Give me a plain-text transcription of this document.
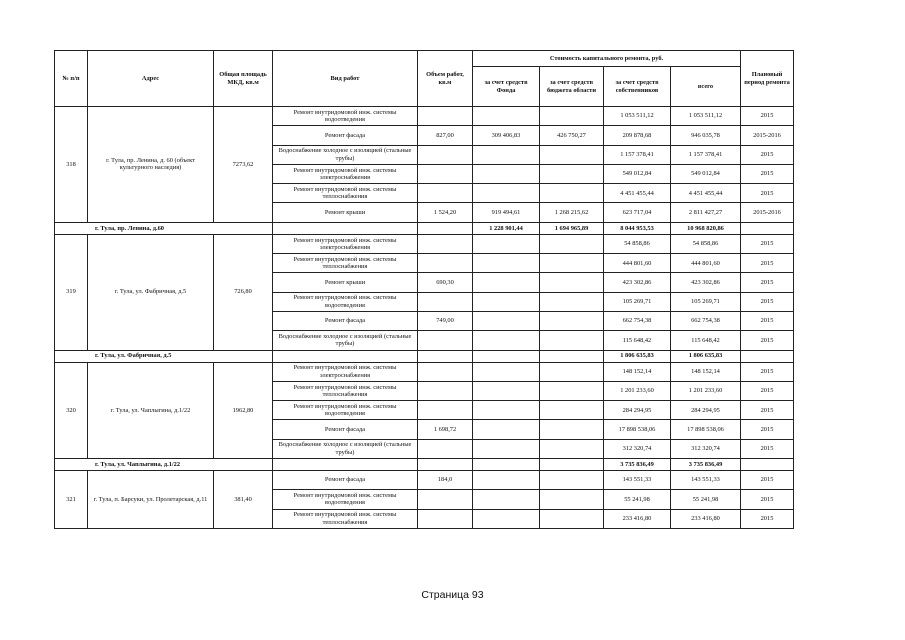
№ п/п	Адрес	Общая площадь МКД, кв.м	Вид работ	Объем работ, кв.м	Стоимость капитального ремонта, руб.				Плановый период ремонта
					за счет средств Фонда	за счет средств бюджета области	за счет средств собственников	всего	
318	г. Тула, пр. Ленина, д. 60 (объект культурного наследия)	7273,62	Ремонт внутридомовой инж. системы водоотведения				1 053 511,12	1 053 511,12	2015
			Ремонт фасада	827,00	309 406,83	426 750,27	209 878,68	946 035,78	2015-2016
			Водоснабжение холодное с изоляцией (стальные трубы)				1 157 378,41	1 157 378,41	2015
			Ремонт внутридомовой инж. системы электроснабжения				549 012,84	549 012,84	2015
			Ремонт внутридомовой инж. системы теплоснабжения				4 451 455,44	4 451 455,44	2015
			Ремонт крыши	1 524,20	919 494,61	1 268 215,62	623 717,04	2 811 427,27	2015-2016
г. Тула, пр. Ленина, д.60					1 228 901,44	1 694 965,89	8 044 953,53	10 968 820,86	
319	г. Тула, ул. Фабричная, д.5	726,80	Ремонт внутридомовой инж. системы электроснабжения				54 858,86	54 858,86	2015
			Ремонт внутридомовой инж. системы теплоснабжения				444 801,60	444 801,60	2015
			Ремонт крыши	690,30			423 302,86	423 302,86	2015
			Ремонт внутридомовой инж. системы водоотведения				105 269,71	105 269,71	2015
			Ремонт фасада	749,00			662 754,38	662 754,38	2015
			Водоснабжение холодное с изоляцией (стальные трубы)				115 648,42	115 648,42	2015
г. Тула, ул. Фабричная, д.5							1 806 635,83	1 806 635,83	
320	г. Тула, ул. Чаплыгина, д.1/22	1962,80	Ремонт внутридомовой инж. системы электроснабжения				148 152,14	148 152,14	2015
			Ремонт внутридомовой инж. системы теплоснабжения				1 201 233,60	1 201 233,60	2015
			Ремонт внутридомовой инж. системы водоотведения				284 294,95	284 294,95	2015
			Ремонт фасада	1 698,72			17 898 538,06	17 898 538,06	2015
			Водоснабжение холодное с изоляцией (стальные трубы)				312 320,74	312 320,74	2015
г. Тула, ул. Чаплыгина, д.1/22							3 735 836,49	3 735 836,49	
321	г. Тула, п. Барсуки, ул. Пролетарская, д.11	381,40	Ремонт фасада	184,0			143 551,33	143 551,33	2015
			Ремонт внутридомовой инж. системы водоотведения				55 241,98	55 241,98	2015
			Ремонт внутридомовой инж. системы теплоснабжения				233 416,80	233 416,80	2015
Страница 93
